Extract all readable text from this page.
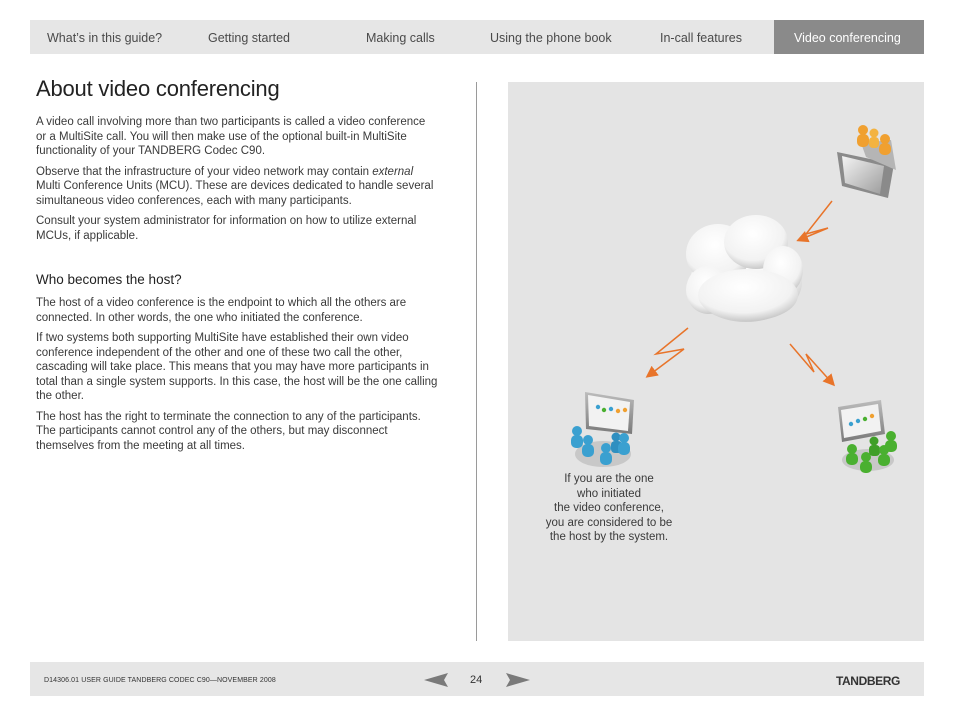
What’s in this guide?	Getting started	Making calls	Using the phone book	In-call features	Video conferencing
About video conferencing

A video call involving more than two participants is called a video conference or a MultiSite call. You will then make use of the optional built-in MultiSite functionality of your TANDBERG Codec C90.

Observe that the infrastructure of your video network may contain external Multi Conference Units (MCU). These are devices dedicated to handle several simultaneous video conferences, each with many participants.

Consult your system administrator for information on how to utilize external MCUs, if applicable.

Who becomes the host?

The host of a video conference is the endpoint to which all the others are connected. In other words, the one who initiated the conference.

If two systems both supporting MultiSite have established their own video conference independent of the other and one of these two call the other, cascading will take place. This means that you may have more participants in total than a single system supports. In this case, the host will be the one calling the other.

The host has the right to terminate the connection to any of the participants. The participants cannot control any of the others, but may disconnect themselves from the meeting at all times.

If you are the one
who initiated
the video conference,
you are considered to be
the host by the system.
D14306.01 USER GUIDE TANDBERG CODEC C90—NOVEMBER 2008	24	TANDBERG
